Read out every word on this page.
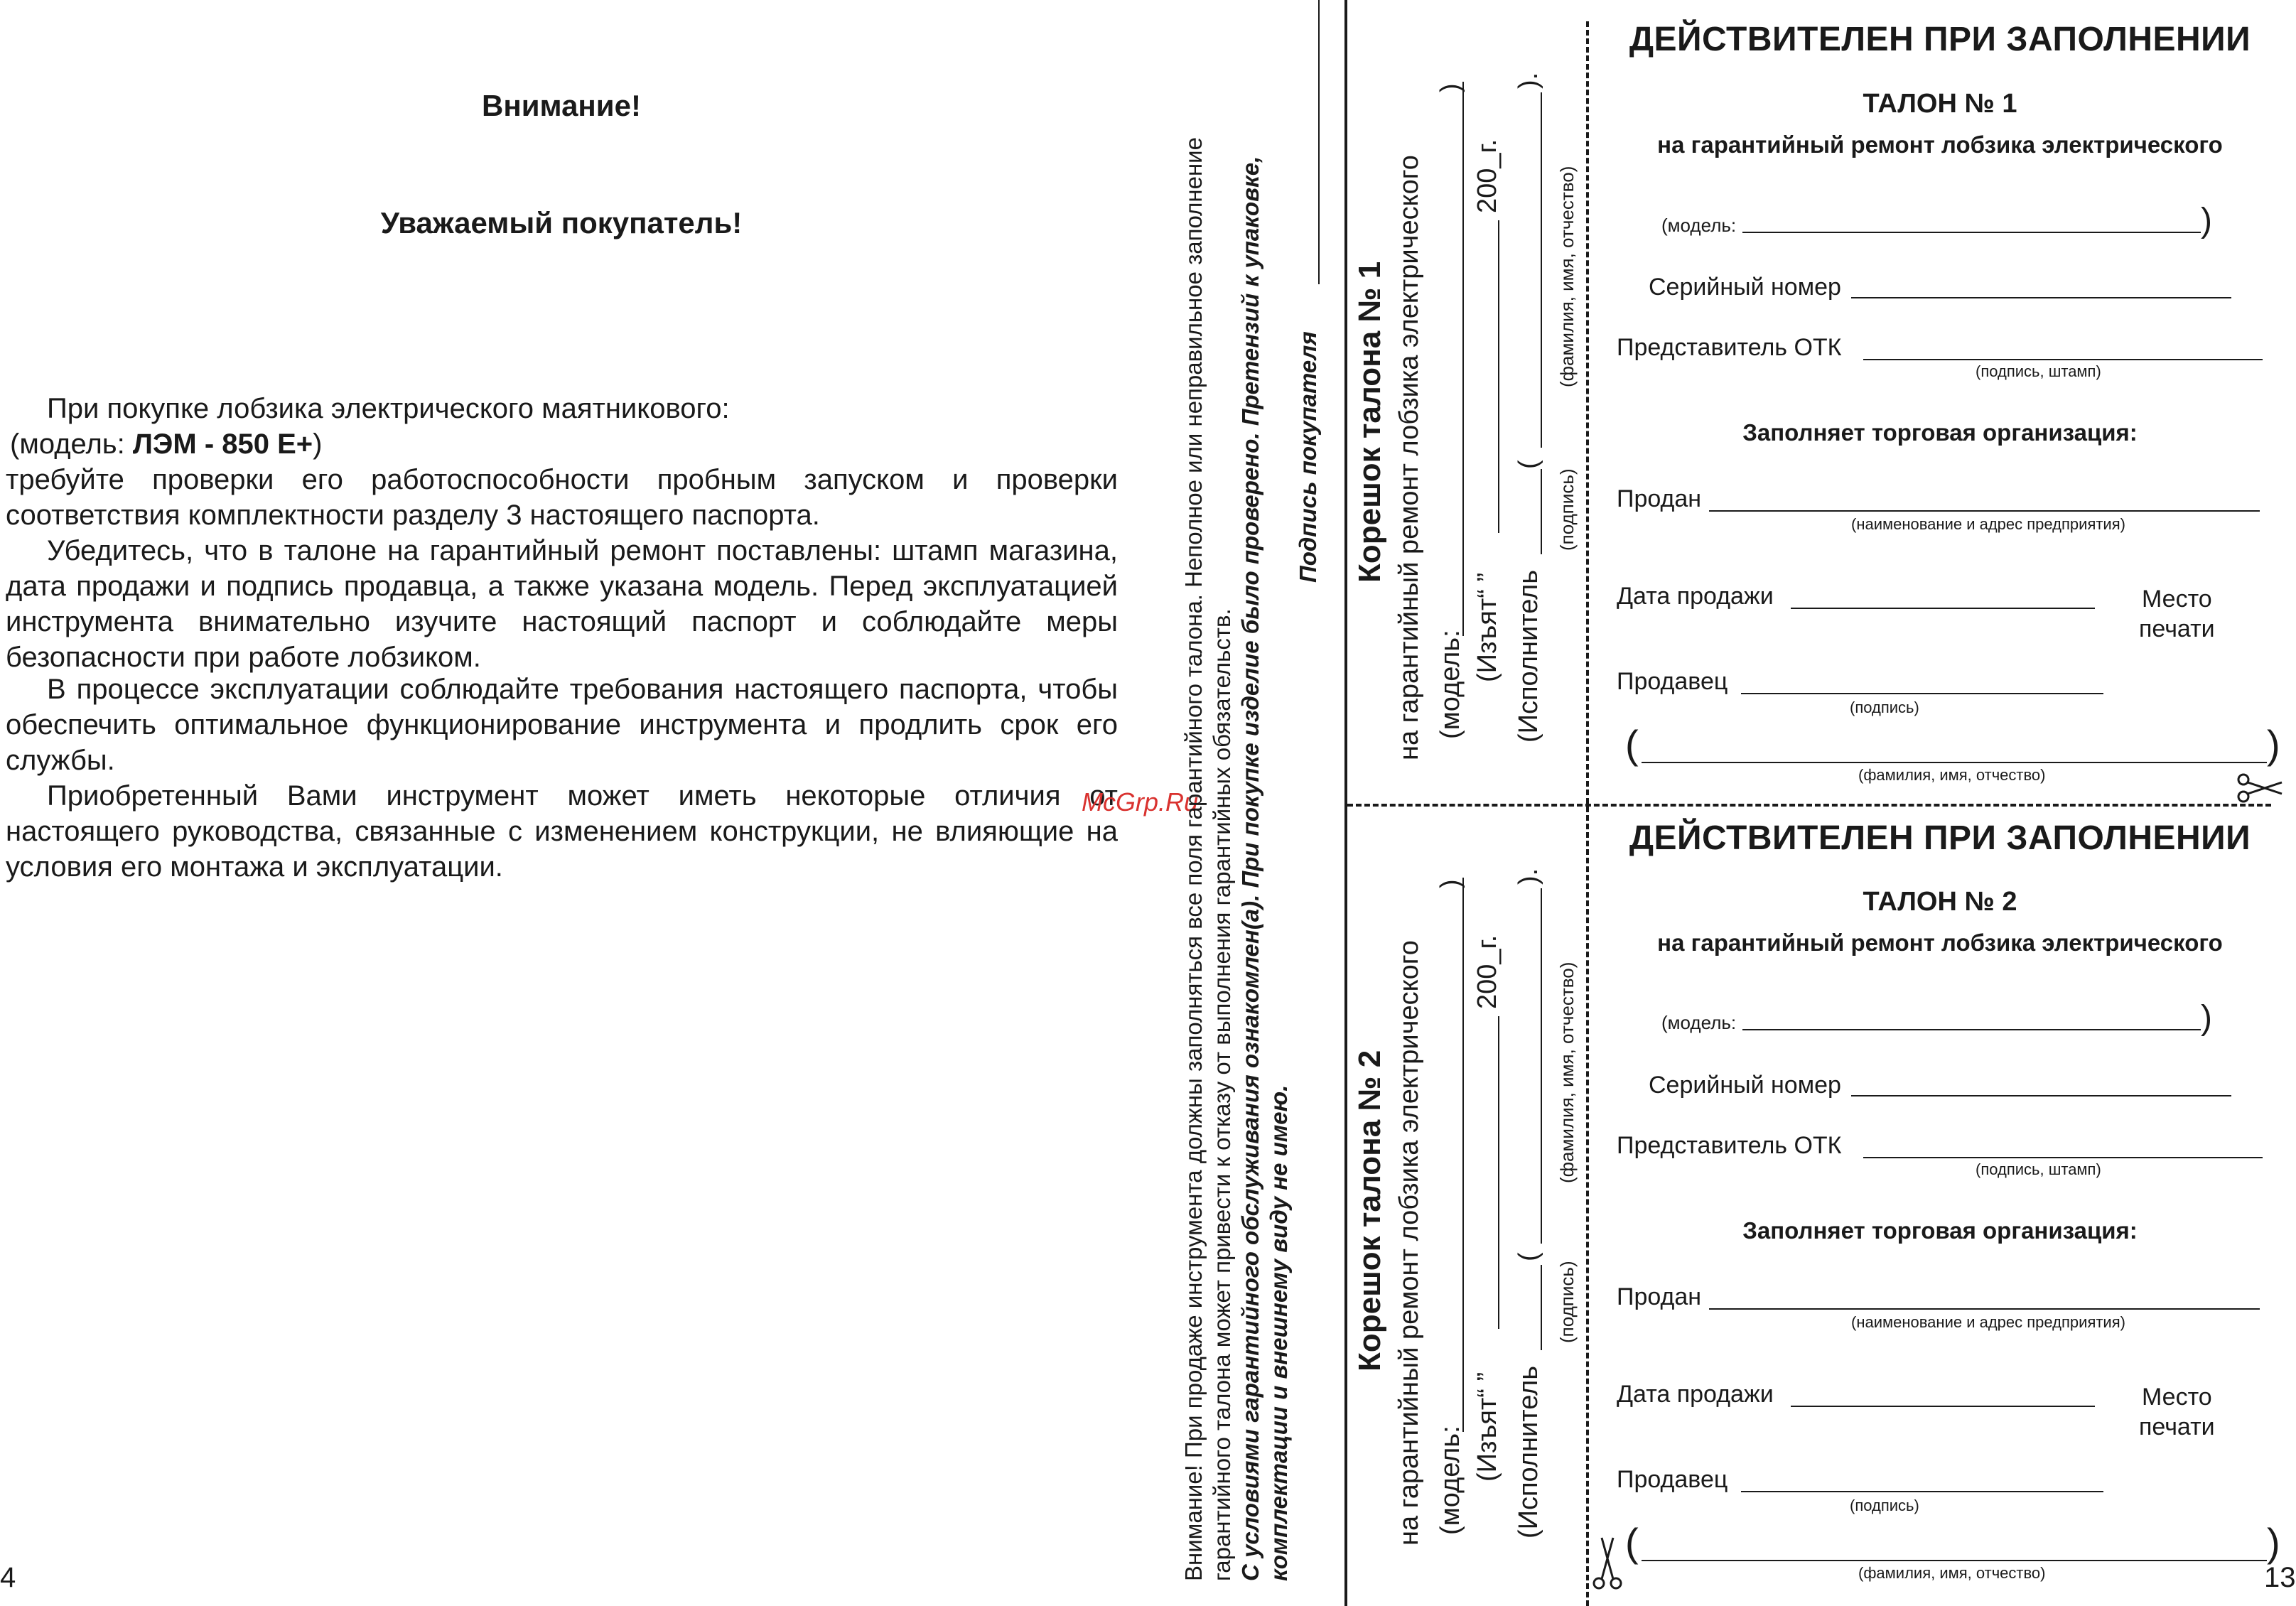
Внимание!
Уважаемый покупатель!
При покупке лобзика электрического маятникового:
(модель: ЛЭМ - 850 Е+)
требуйте проверки его работоспособности пробным запуском и проверки соответствия комплектности разделу 3 настоящего паспорта.
Убедитесь, что в талоне на гарантийный ремонт поставлены: штамп магазина, дата продажи и подпись продавца, а также указана модель. Перед эксплуатацией инструмента внимательно изучите настоящий паспорт и соблюдайте меры безопасности при работе лобзиком.
В процессе эксплуатации соблюдайте требования настоящего паспорта, чтобы обеспечить оптимальное функционирование инструмента и продлить срок его службы.
Приобретенный Вами инструмент может иметь некоторые отличия от настоящего руководства, связанные с изменением конструкции, не влияющие на условия его монтажа и эксплуатации.
4
McGrp.Ru
Внимание! При продаже инструмента должны заполняться все поля гарантийного талона. Неполное или неправильное заполнение гарантийного талона может привести к отказу от выполнения гарантийных обязательств. С условиями гарантийного обслуживания ознакомлен(а). При покупке изделие было проверено. Претензий к упаковке, комплектации и внешнему виду не имею.
Подпись покупателя Корешок талона № 1 на гарантийный ремонт лобзика электрического (модель:
)
(Изъят“ ”
200_г.
(Исполнитель
(
).
(подпись)
(фамилия, имя, отчество)
Корешок талона № 2 на гарантийный ремонт лобзика электрического (модель:
)
(Изъят“ ”
200_г.
(Исполнитель
(
).
(подпись)
(фамилия, имя, отчество)
ДЕЙСТВИТЕЛЕН ПРИ ЗАПОЛНЕНИИ
ТАЛОН № 1
на гарантийный ремонт лобзика электрического
(модель:	)
Серийный номер
Представитель ОТК
(подпись, штамп)
Заполняет торговая организация:
Продан
(наименование и адрес предприятия)
Дата продажи	Место
печати
Продавец
(подпись)
(	)
(фамилия, имя, отчество)
ДЕЙСТВИТЕЛЕН ПРИ ЗАПОЛНЕНИИ
ТАЛОН № 2
на гарантийный ремонт лобзика электрического
(модель:	)
Серийный номер
Представитель ОТК
(подпись, штамп)
Заполняет торговая организация:
Продан
(наименование и адрес предприятия)
Дата продажи	Место
печати
Продавец
(подпись)
(	)
(фамилия, имя, отчество)	13
